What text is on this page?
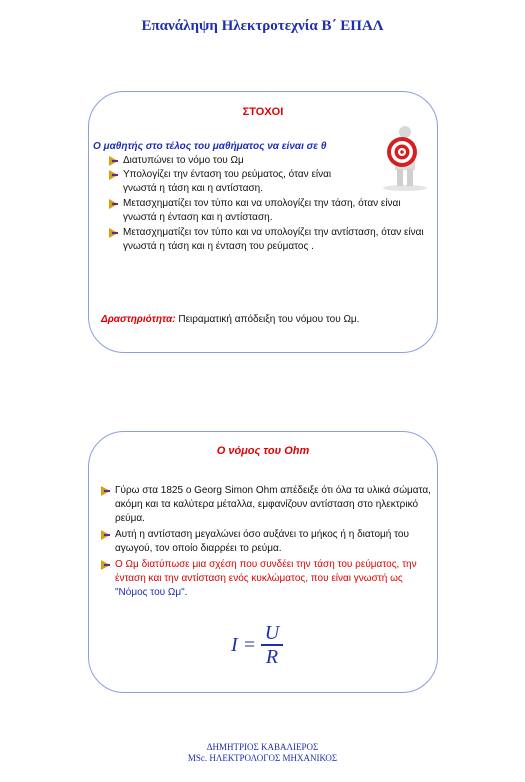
Επανάληψη Ηλεκτροτεχνία Β΄ ΕΠΑΛ
ΣΤΟΧΟΙ
Ο μαθητής στο τέλος του μαθήματος να είναι σε θ
Διατυπώνει το νόμο του Ωμ
Υπολογίζει την ένταση του ρεύματος, όταν είναι γνωστά η τάση και η αντίσταση.
Μετασχηματίζει τον τύπο και να υπολογίζει την τάση, όταν είναι γνωστά η ένταση και η αντίσταση.
Μετασχηματίζει τον τύπο και να υπολογίζει την αντίσταση, όταν είναι γνωστά η τάση και η ένταση του ρεύματος .
Δραστηριότητα: Πειραματική απόδειξη του νόμου του Ωμ.
Ο νόμος του Ohm
Γύρω στα 1825 ο Georg Simon Ohm απέδειξε ότι όλα τα υλικά σώματα, ακόμη και τα καλύτερα μέταλλα, εμφανίζουν αντίσταση στο ηλεκτρικό ρεύμα.
Αυτή η αντίσταση μεγαλώνει όσο αυξάνει το μήκος ή η διατομή του αγωγού, τον οποίο διαρρέει το ρεύμα.
Ο Ωμ διατύπωσε μια σχέση που συνδέει την τάση του ρεύματος, την ένταση και την αντίσταση ενός κυκλώματος, που είναι γνωστή ως "Νόμος του Ωμ".
I =
U
R
ΔΗΜΗΤΡΙΟΣ ΚΑΒΑΛΙΕΡΟΣ
MSc. ΗΛΕΚΤΡΟΛΟΓΟΣ ΜΗΧΑΝΙΚΟΣ
